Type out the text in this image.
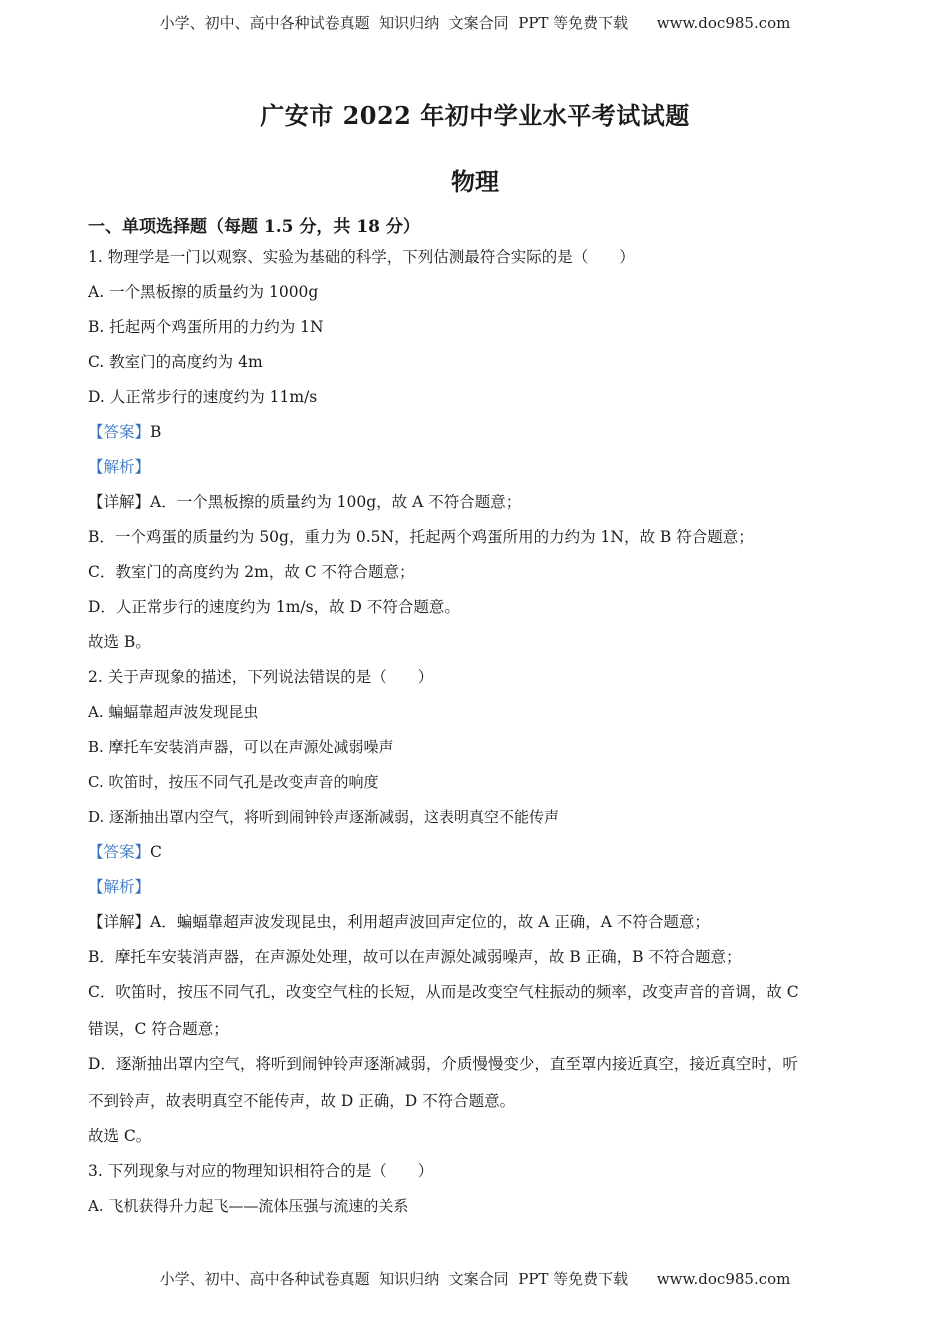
小学、初中、高中各种试卷真题  知识归纳  文案合同  PPT 等免费下载      www.doc985.com
广安市 2022 年初中学业水平考试试题
物理
一、单项选择题（每题 1.5 分，共 18 分）
1. 物理学是一门以观察、实验为基础的科学，下列估测最符合实际的是（　　）
A. 一个黑板擦的质量约为 1000g
B. 托起两个鸡蛋所用的力约为 1N
C. 教室门的高度约为 4m
D. 人正常步行的速度约为 11m/s
【答案】B
【解析】
【详解】A．一个黑板擦的质量约为 100g，故 A 不符合题意；
B．一个鸡蛋的质量约为 50g，重力为 0.5N，托起两个鸡蛋所用的力约为 1N，故 B 符合题意；
C．教室门的高度约为 2m，故 C 不符合题意；
D．人正常步行的速度约为 1m/s，故 D 不符合题意。
故选 B。
2. 关于声现象的描述，下列说法错误的是（　　）
A. 蝙蝠靠超声波发现昆虫
B. 摩托车安装消声器，可以在声源处减弱噪声
C. 吹笛时，按压不同气孔是改变声音的响度
D. 逐渐抽出罩内空气，将听到闹钟铃声逐渐减弱，这表明真空不能传声
【答案】C
【解析】
【详解】A．蝙蝠靠超声波发现昆虫，利用超声波回声定位的，故 A 正确，A 不符合题意；
B．摩托车安装消声器，在声源处处理，故可以在声源处减弱噪声，故 B 正确，B 不符合题意；
C．吹笛时，按压不同气孔，改变空气柱的长短，从而是改变空气柱振动的频率，改变声音的音调，故 C
错误，C 符合题意；
D．逐渐抽出罩内空气，将听到闹钟铃声逐渐减弱，介质慢慢变少，直至罩内接近真空，接近真空时，听
不到铃声，故表明真空不能传声，故 D 正确，D 不符合题意。
故选 C。
3. 下列现象与对应的物理知识相符合的是（　　）
A. 飞机获得升力起飞——流体压强与流速的关系
小学、初中、高中各种试卷真题  知识归纳  文案合同  PPT 等免费下载      www.doc985.com
